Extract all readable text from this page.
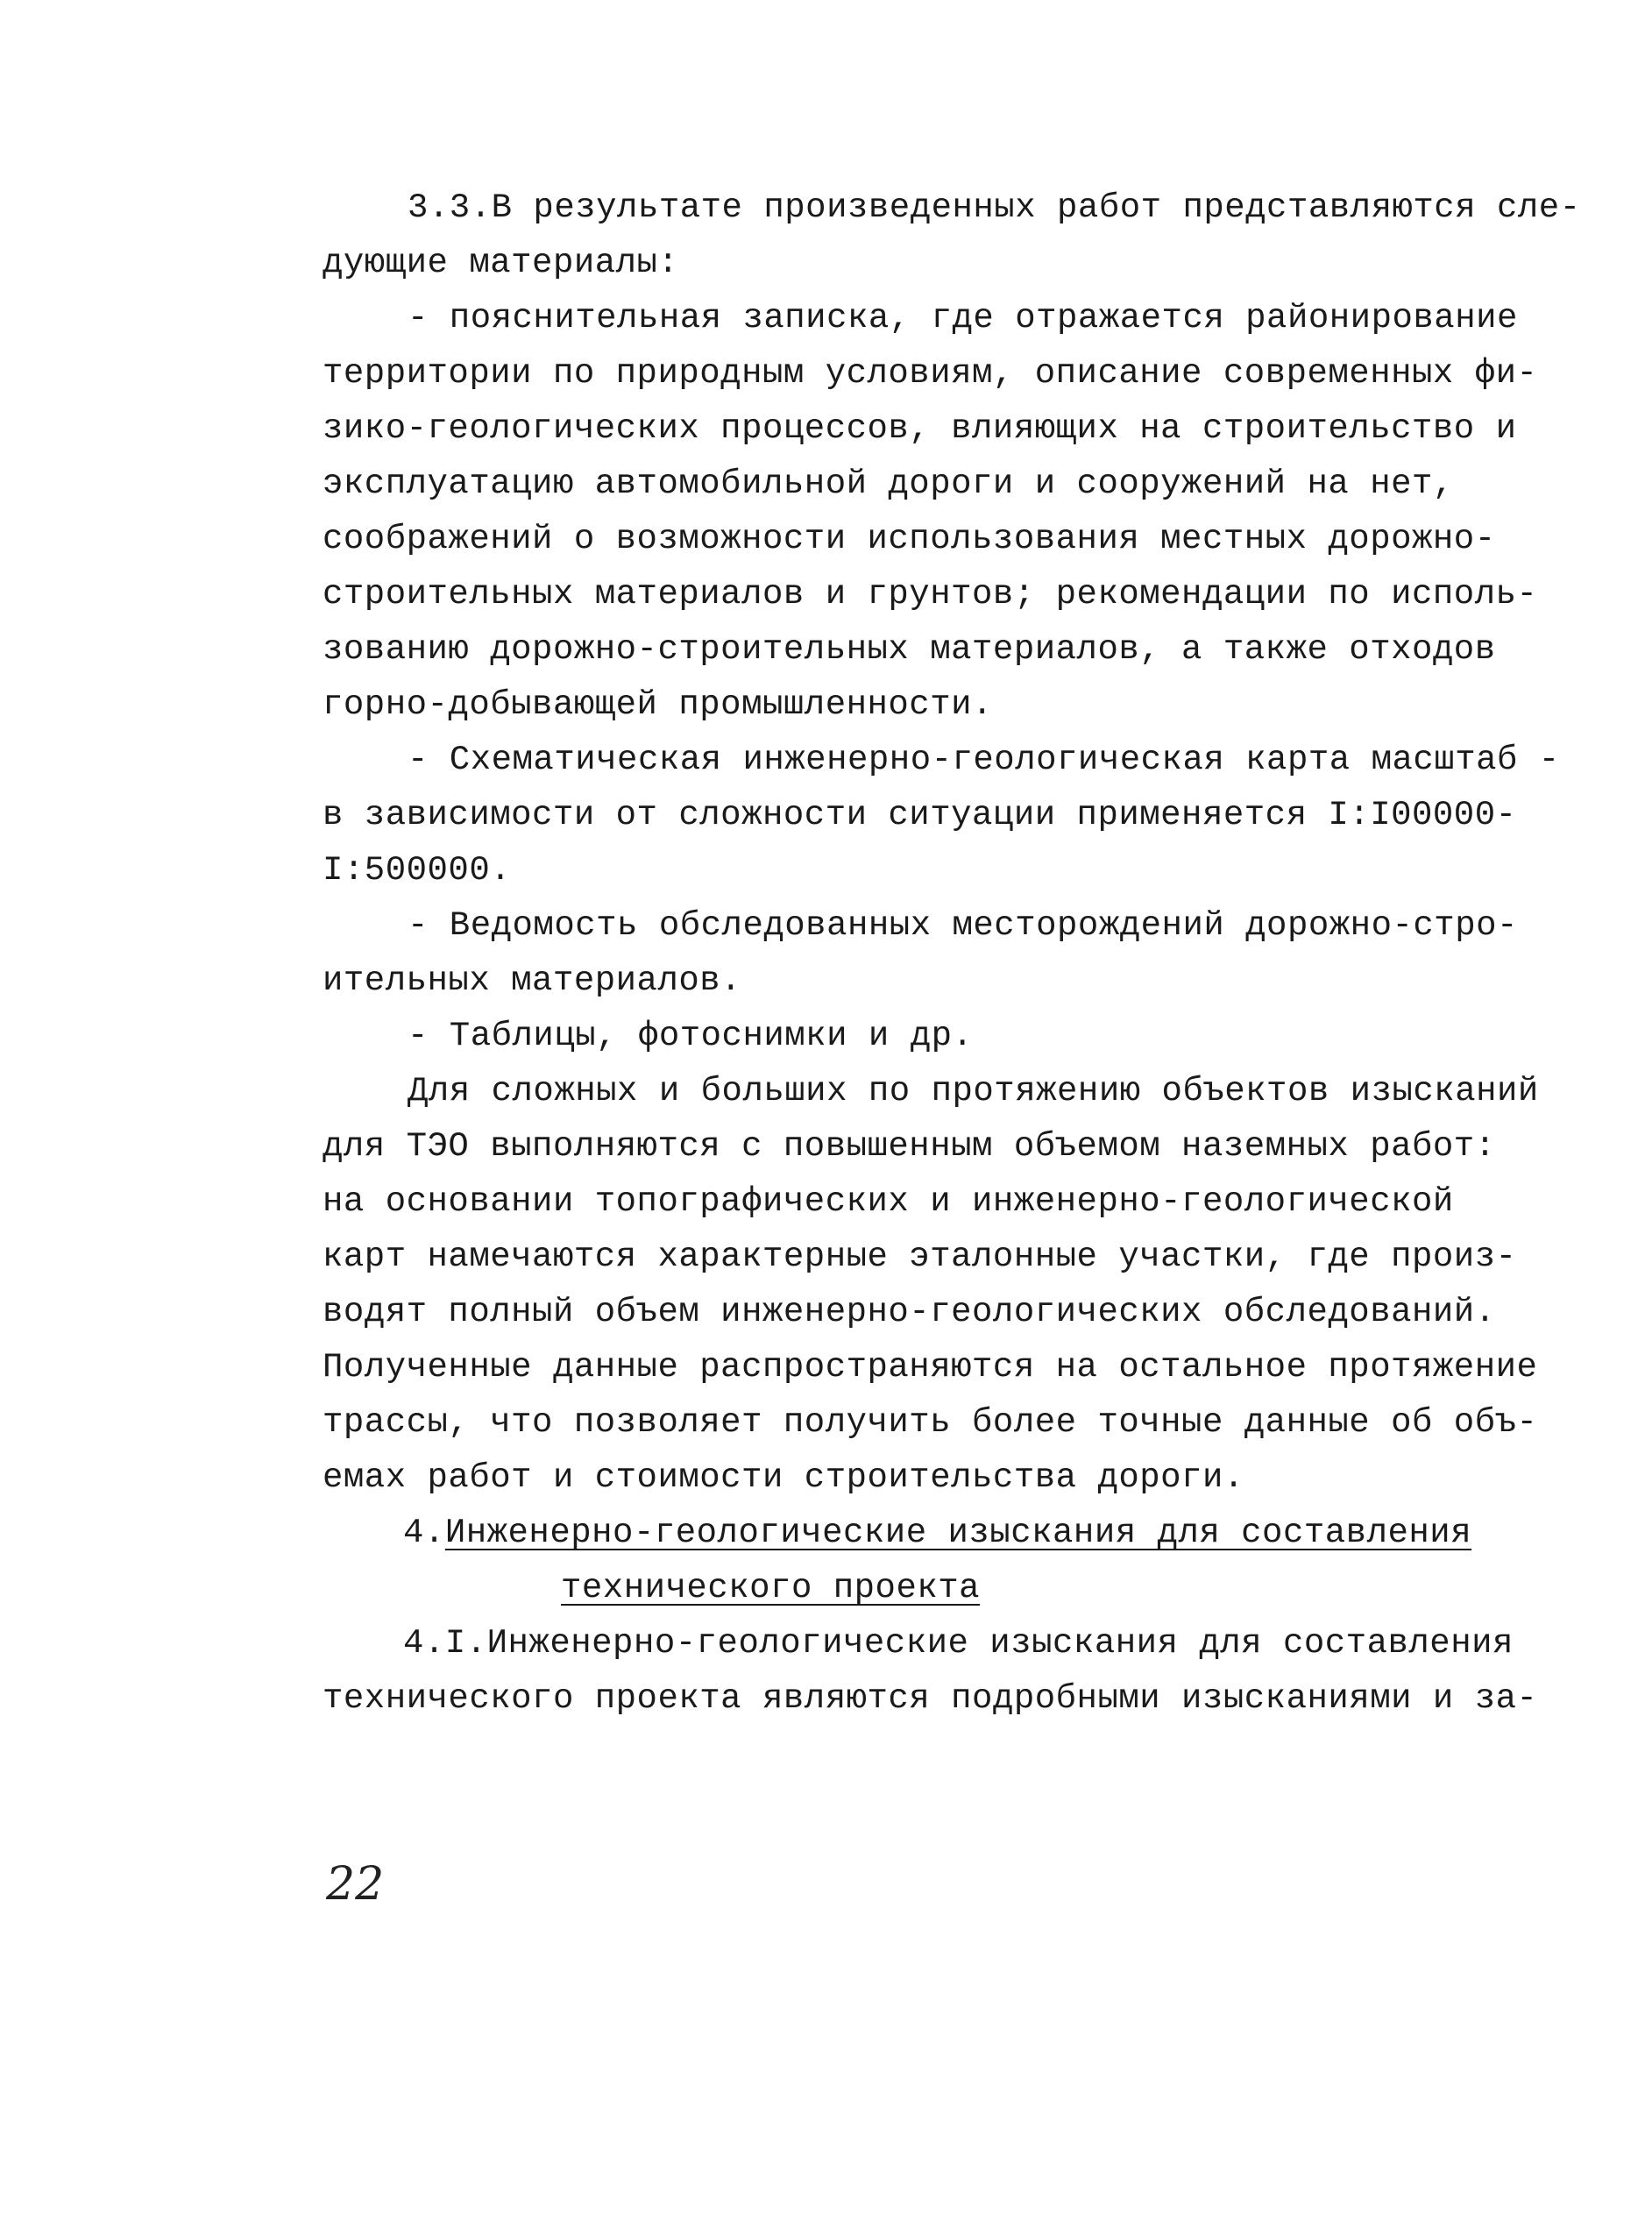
3.3.В результате произведенных работ представляются сле-
дующие материалы:
- пояснительная записка, где отражается районирование
территории по природным условиям, описание современных фи-
зико-геологических процессов, влияющих на строительство и
эксплуатацию автомобильной дороги и сооружений на нет,
соображений о возможности использования местных дорожно-
строительных материалов и грунтов; рекомендации по исполь-
зованию дорожно-строительных материалов, а также отходов
горно-добывающей промышленности.
- Схематическая инженерно-геологическая карта масштаб -
в зависимости от сложности ситуации применяется I:I00000-
I:500000.
- Ведомость обследованных месторождений дорожно-стро-
ительных материалов.
- Таблицы, фотоснимки и др.
Для сложных и больших по протяжению объектов изысканий
для ТЭО выполняются с повышенным объемом наземных работ:
на основании топографических и инженерно-геологической
карт намечаются характерные эталонные участки, где произ-
водят полный объем инженерно-геологических обследований.
Полученные данные распространяются на остальное протяжение
трассы, что позволяет получить более точные данные об объ-
емах работ и стоимости строительства дороги.
4.Инженерно-геологические изыскания для составления
технического проекта
4.I.Инженерно-геологические изыскания для составления
технического проекта являются подробными изысканиями и за-
22
